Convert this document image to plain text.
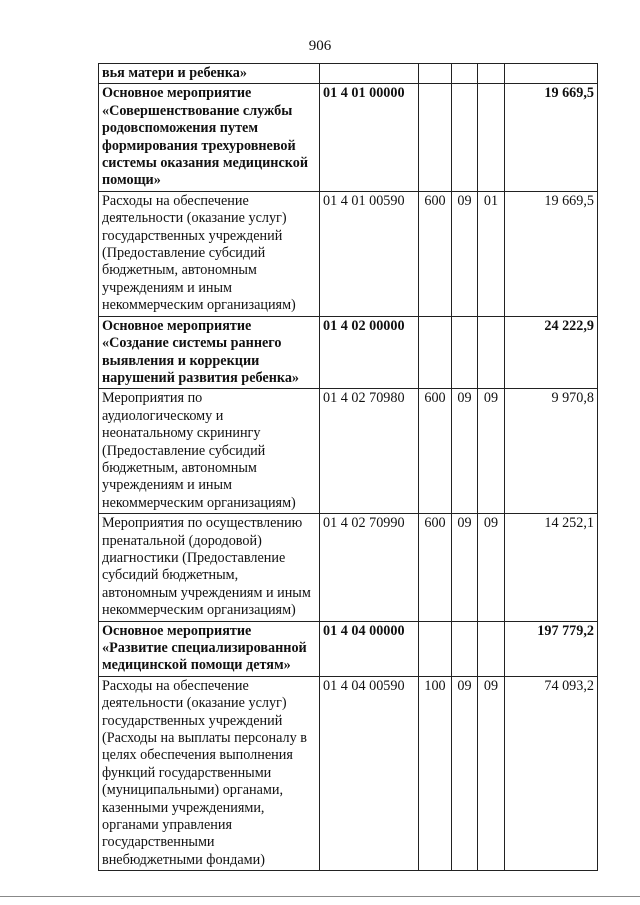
906
вья матери и ребенка»					
Основное мероприятие «Совершенствование службы родовспоможения путем формирования трехуровневой системы оказания медицинской помощи»	01 4 01 00000				19 669,5
Расходы на обеспечение деятельности (оказание услуг) государственных учреждений (Предоставление субсидий бюджетным, автономным учреждениям и иным некоммерческим организациям)	01 4 01 00590	600	09	01	19 669,5
Основное мероприятие «Создание системы раннего выявления и коррекции нарушений развития ребенка»	01 4 02 00000				24 222,9
Мероприятия по аудиологическому и неонатальному скринингу (Предоставление субсидий бюджетным, автономным учреждениям и иным некоммерческим организациям)	01 4 02 70980	600	09	09	9 970,8
Мероприятия по осуществлению пренатальной (дородовой) диагностики (Предоставление субсидий бюджетным, автономным учреждениям и иным некоммерческим организациям)	01 4 02 70990	600	09	09	14 252,1
Основное мероприятие «Развитие специализированной медицинской помощи детям»	01 4 04 00000				197 779,2
Расходы на обеспечение деятельности (оказание услуг) государственных учреждений (Расходы на выплаты персоналу в целях обеспечения выполнения функций государственными (муниципальными) органами, казенными учреждениями, органами управления государственными внебюджетными фондами)	01 4 04 00590	100	09	09	74 093,2
